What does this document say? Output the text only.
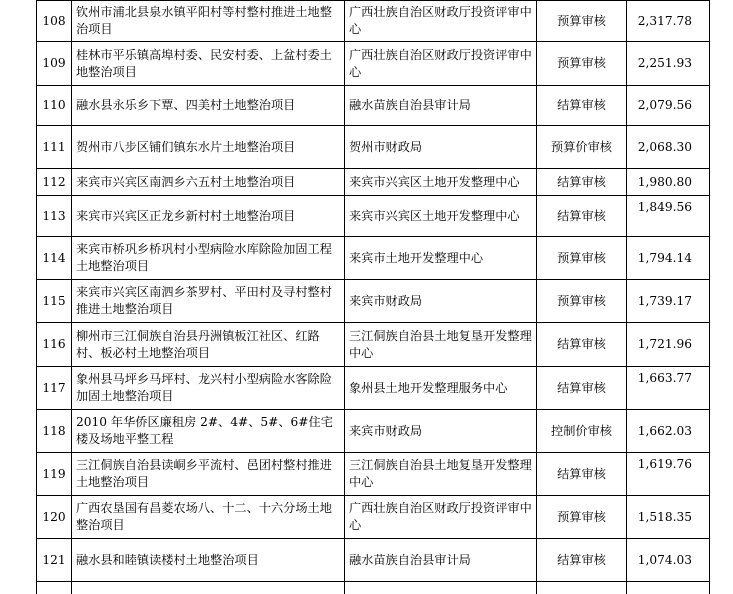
108	钦州市浦北县泉水镇平阳村等村整村推进土地整治项目	广西壮族自治区财政厅投资评审中心	预算审核	2,317.78
109	桂林市平乐镇高埠村委、民安村委、上盆村委土地整治项目	广西壮族自治区财政厅投资评审中心	预算审核	2,251.93
110	融水县永乐乡下覃、四美村土地整治项目	融水苗族自治县审计局	结算审核	2,079.56
111	贺州市八步区铺们镇东水片土地整治项目	贺州市财政局	预算价审核	2,068.30
112	来宾市兴宾区南泗乡六五村土地整治项目	来宾市兴宾区土地开发整理中心	结算审核	1,980.80
113	来宾市兴宾区正龙乡新村村土地整治项目	来宾市兴宾区土地开发整理中心	结算审核	1,849.56
114	来宾市桥巩乡桥巩村小型病险水库除险加固工程土地整治项目	来宾市土地开发整理中心	预算审核	1,794.14
115	来宾市兴宾区南泗乡茶罗村、平田村及寻村整村推进土地整治项目	来宾市财政局	预算审核	1,739.17
116	柳州市三江侗族自治县丹洲镇板江社区、红路村、板必村土地整治项目	三江侗族自治县土地复垦开发整理中心	结算审核	1,721.96
117	象州县马坪乡马坪村、龙兴村小型病险水客除险加固土地整治项目	象州县土地开发整理服务中心	结算审核	1,663.77
118	2010 年华侨区廉租房 2#、4#、5#、6#住宅楼及场地平整工程	来宾市财政局	控制价审核	1,662.03
119	三江侗族自治县读峒乡平流村、邑团村整村推进土地整治项目	三江侗族自治县土地复垦开发整理中心	结算审核	1,619.76
120	广西农垦国有昌菱农场八、十二、十六分场土地整治项目	广西壮族自治区财政厅投资评审中心	预算审核	1,518.35
121	融水县和睦镇读楼村土地整治项目	融水苗族自治县审计局	结算审核	1,074.03
